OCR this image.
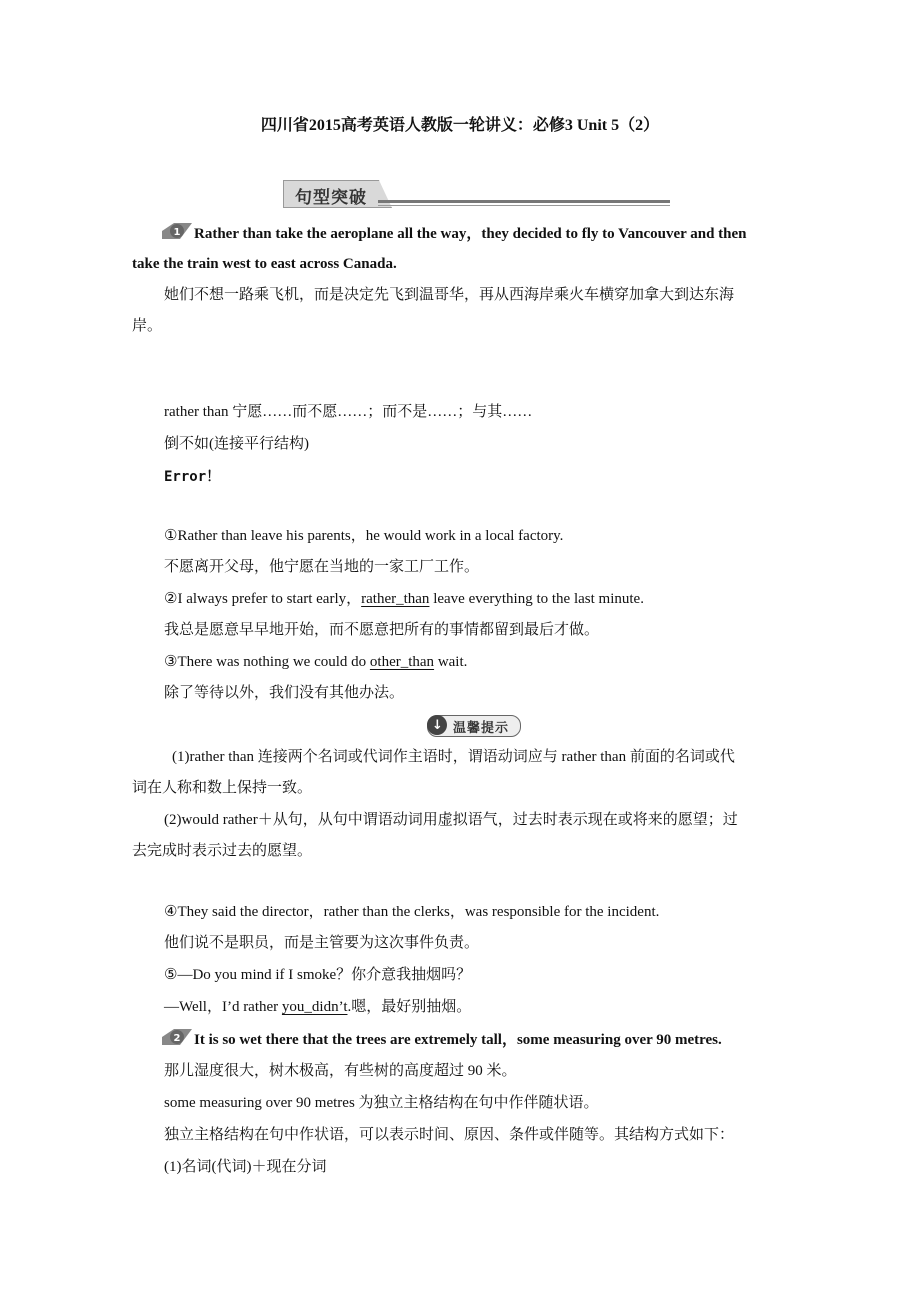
四川省2015高考英语人教版一轮讲义：必修3 Unit 5（2）
句型突破
1 Rather than take the aeroplane all the way，they decided to fly to Vancouver and then
take the train west to east across Canada.
她们不想一路乘飞机，而是决定先飞到温哥华，再从西海岸乘火车横穿加拿大到达东海
岸。
rather than 宁愿……而不愿……；而不是……；与其……
倒不如(连接平行结构)
Error！
①Rather than leave his parents，he would work in a local factory.
不愿离开父母，他宁愿在当地的一家工厂工作。
②I always prefer to start early，rather_than leave everything to the last minute.
我总是愿意早早地开始，而不愿意把所有的事情都留到最后才做。
③There was nothing we could do other_than wait.
除了等待以外，我们没有其他办法。
↓ 温馨提示
(1)rather than 连接两个名词或代词作主语时，谓语动词应与 rather than 前面的名词或代
词在人称和数上保持一致。
(2)would rather＋从句，从句中谓语动词用虚拟语气，过去时表示现在或将来的愿望；过
去完成时表示过去的愿望。
④They said the director，rather than the clerks，was responsible for the incident.
他们说不是职员，而是主管要为这次事件负责。
⑤—Do you mind if I smoke？你介意我抽烟吗？
—Well，I’d rather you_didn’t.嗯，最好别抽烟。
2 It is so wet there that the trees are extremely tall，some measuring over 90 metres.
那儿湿度很大，树木极高，有些树的高度超过 90 米。
some measuring over 90 metres 为独立主格结构在句中作伴随状语。
独立主格结构在句中作状语，可以表示时间、原因、条件或伴随等。其结构方式如下：
(1)名词(代词)＋现在分词
